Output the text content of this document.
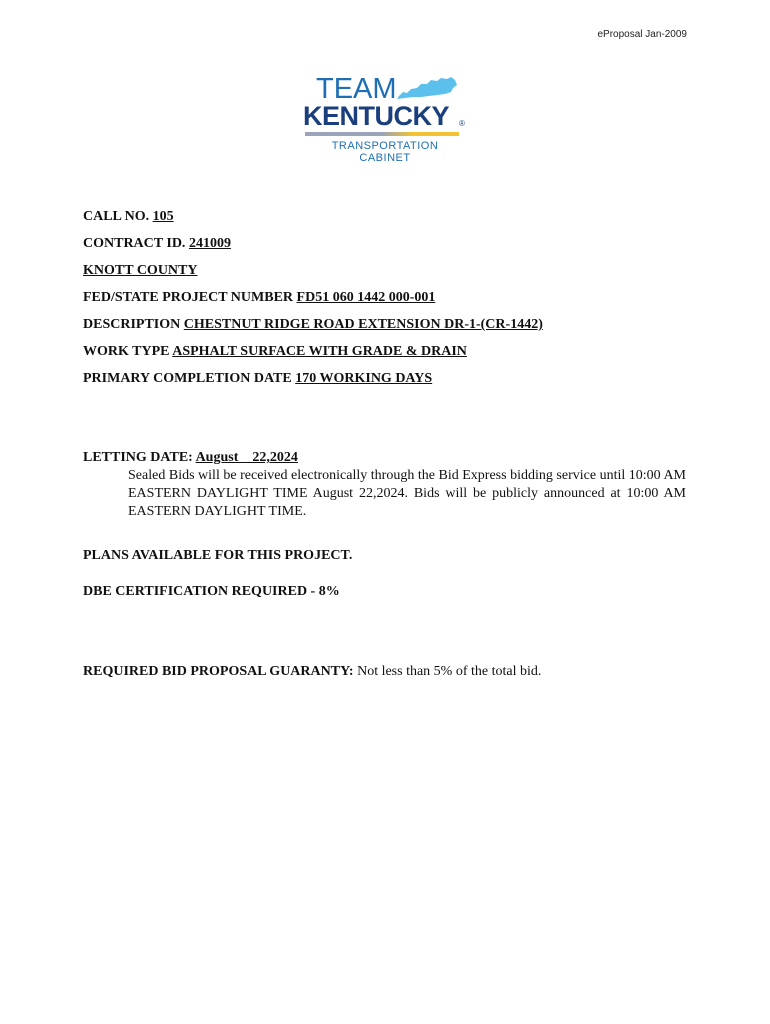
eProposal Jan-2009
TEAM
KENTUCKY ®
TRANSPORTATION
CABINET
CALL NO. 105
CONTRACT ID. 241009
KNOTT COUNTY
FED/STATE PROJECT NUMBER FD51 060 1442 000-001
DESCRIPTION CHESTNUT RIDGE ROAD EXTENSION DR-1-(CR-1442)
WORK TYPE ASPHALT SURFACE WITH GRADE & DRAIN
PRIMARY COMPLETION DATE 170 WORKING DAYS
LETTING DATE: August    22,2024
Sealed Bids will be received electronically through the Bid Express bidding service until 10:00 AM EASTERN DAYLIGHT TIME August 22,2024. Bids will be publicly announced at 10:00 AM EASTERN DAYLIGHT TIME.
PLANS AVAILABLE FOR THIS PROJECT.
DBE CERTIFICATION REQUIRED - 8%
REQUIRED BID PROPOSAL GUARANTY: Not less than 5% of the total bid.
